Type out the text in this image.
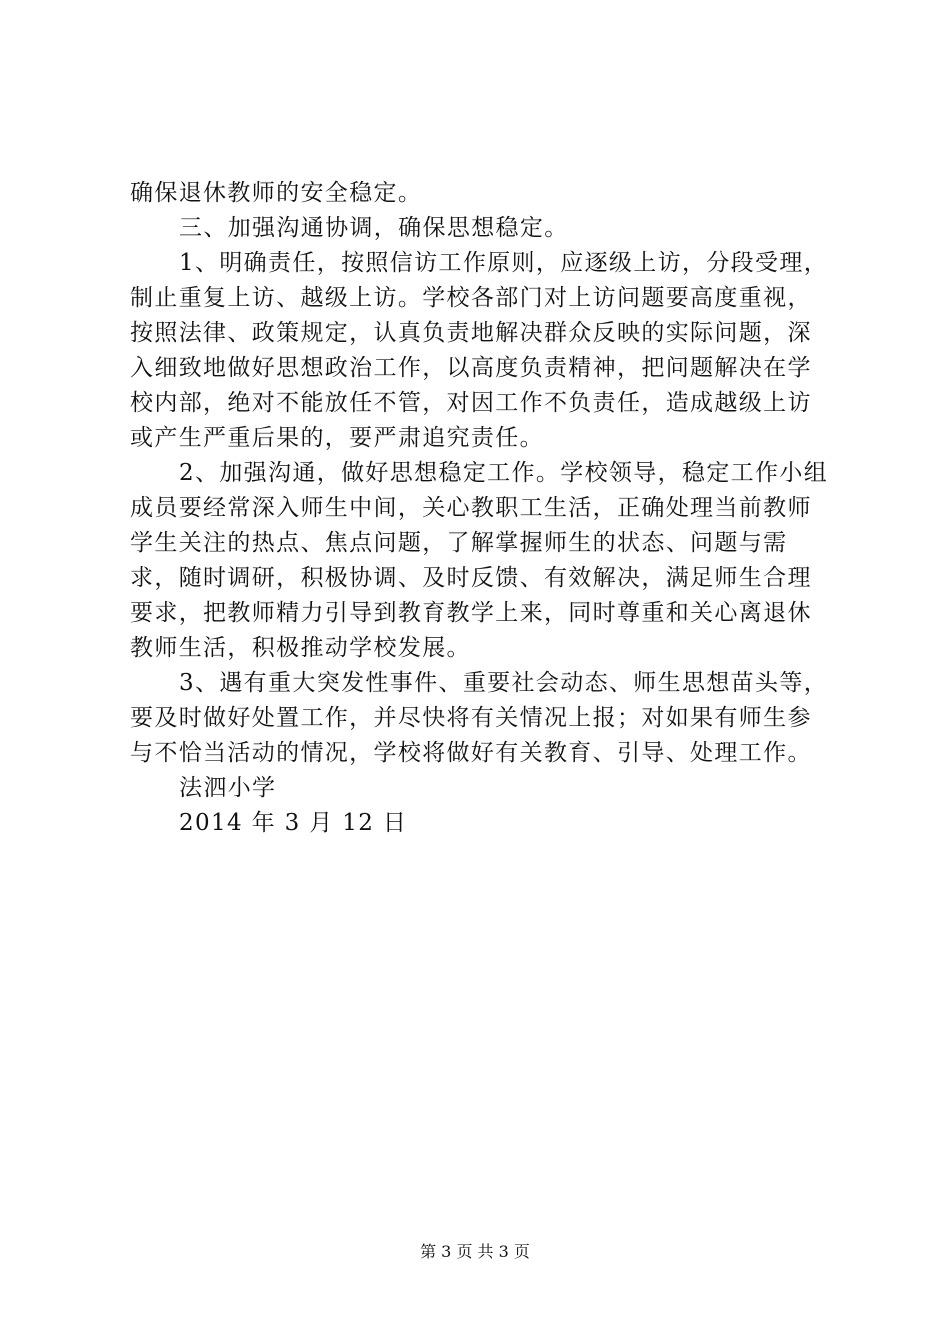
确保退休教师的安全稳定。

三、加强沟通协调，确保思想稳定。

1、明确责任，按照信访工作原则，应逐级上访，分段受理，制止重复上访、越级上访。学校各部门对上访问题要高度重视，按照法律、政策规定，认真负责地解决群众反映的实际问题，深入细致地做好思想政治工作，以高度负责精神，把问题解决在学校内部，绝对不能放任不管，对因工作不负责任，造成越级上访或产生严重后果的，要严肃追究责任。

2、加强沟通，做好思想稳定工作。学校领导，稳定工作小组成员要经常深入师生中间，关心教职工生活，正确处理当前教师学生关注的热点、焦点问题，了解掌握师生的状态、问题与需求，随时调研，积极协调、及时反馈、有效解决，满足师生合理要求，把教师精力引导到教育教学上来，同时尊重和关心离退休教师生活，积极推动学校发展。

3、遇有重大突发性事件、重要社会动态、师生思想苗头等，要及时做好处置工作，并尽快将有关情况上报；对如果有师生参与不恰当活动的情况，学校将做好有关教育、引导、处理工作。

法泗小学

2014 年 3 月 12 日

第 3 页 共 3 页
